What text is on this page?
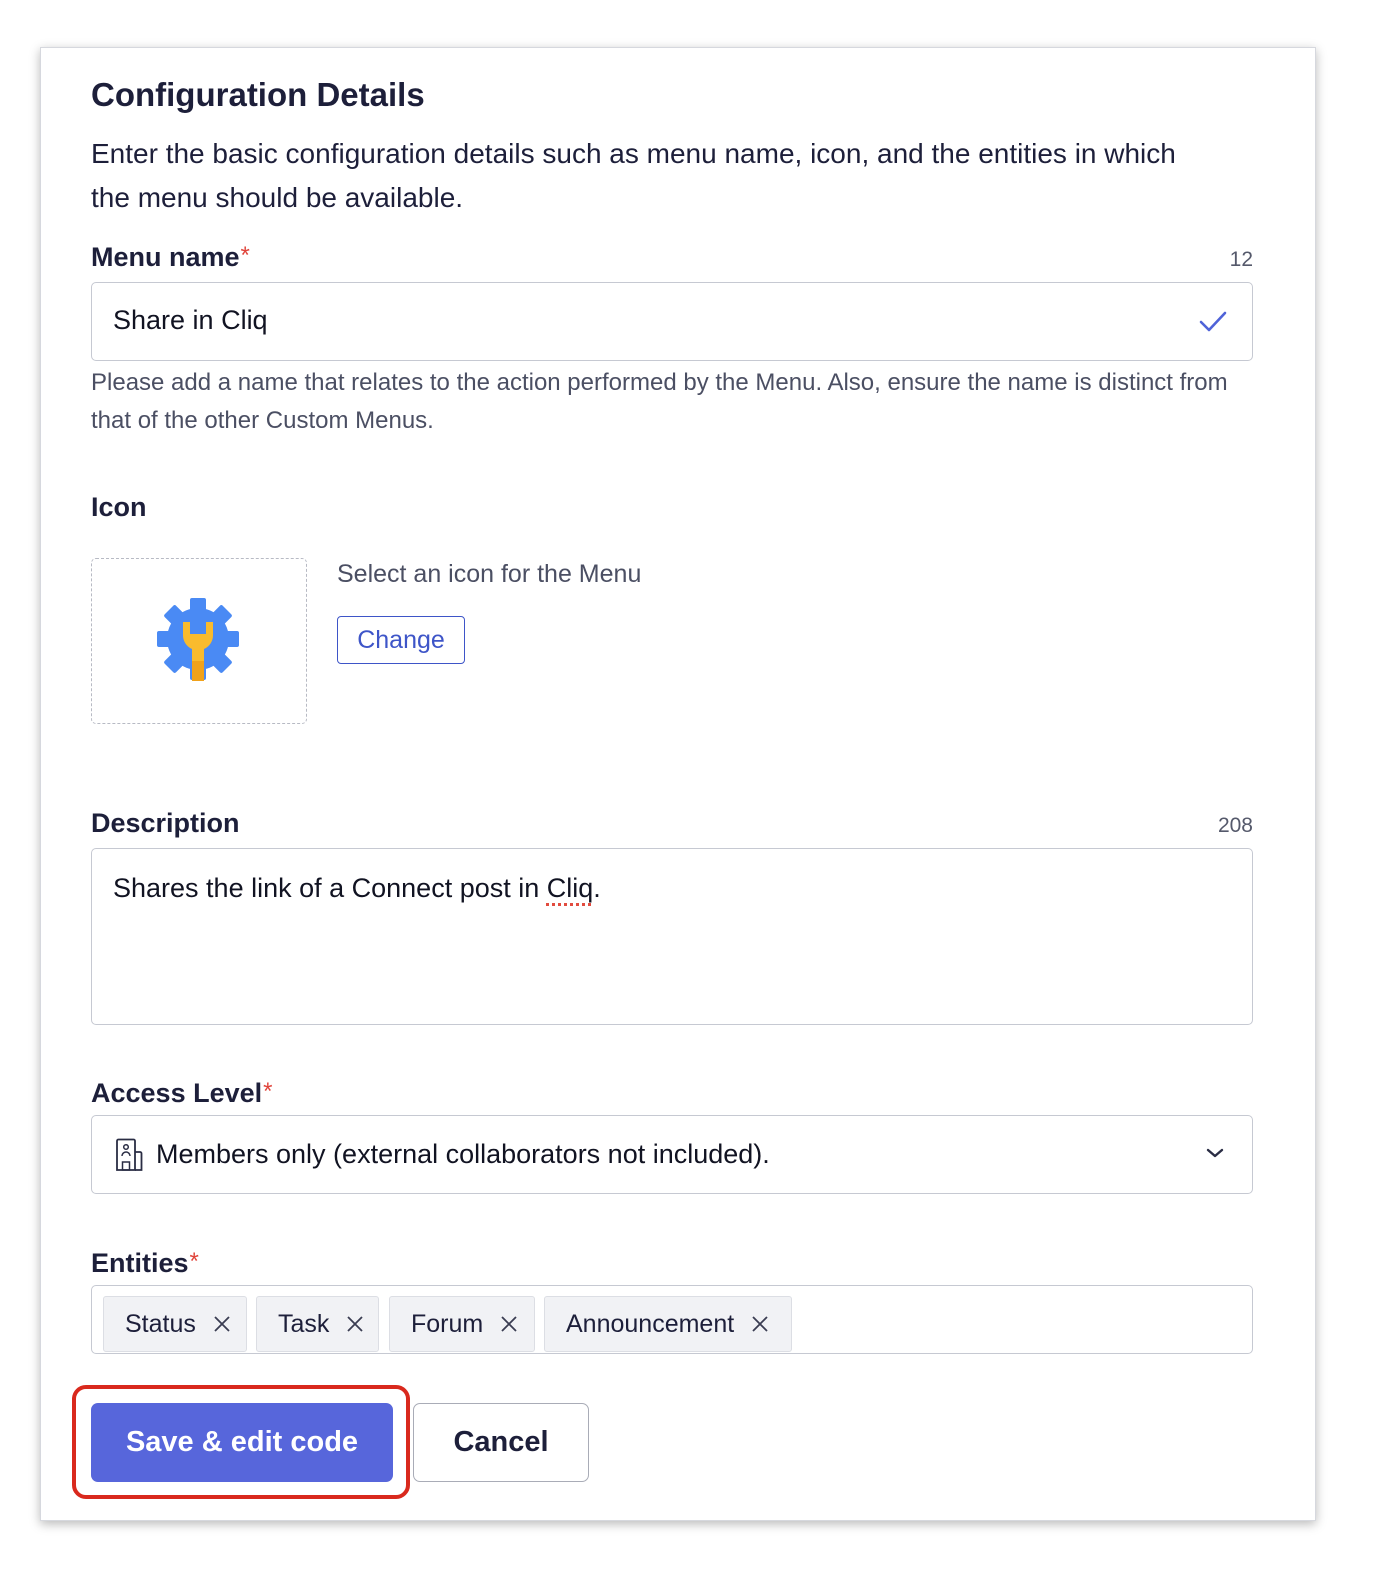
Configuration Details
Enter the basic configuration details such as menu name, icon, and the entities in which the menu should be available.
Menu name*	12
Share in Cliq
Please add a name that relates to the action performed by the Menu. Also, ensure the name is distinct from that of the other Custom Menus.
Icon
Select an icon for the Menu
Change
Description	208
Shares the link of a Connect post in Cliq.
Access Level*
Members only (external collaborators not included).
Entities*
Status	Task	Forum	Announcement
Save & edit code	Cancel
